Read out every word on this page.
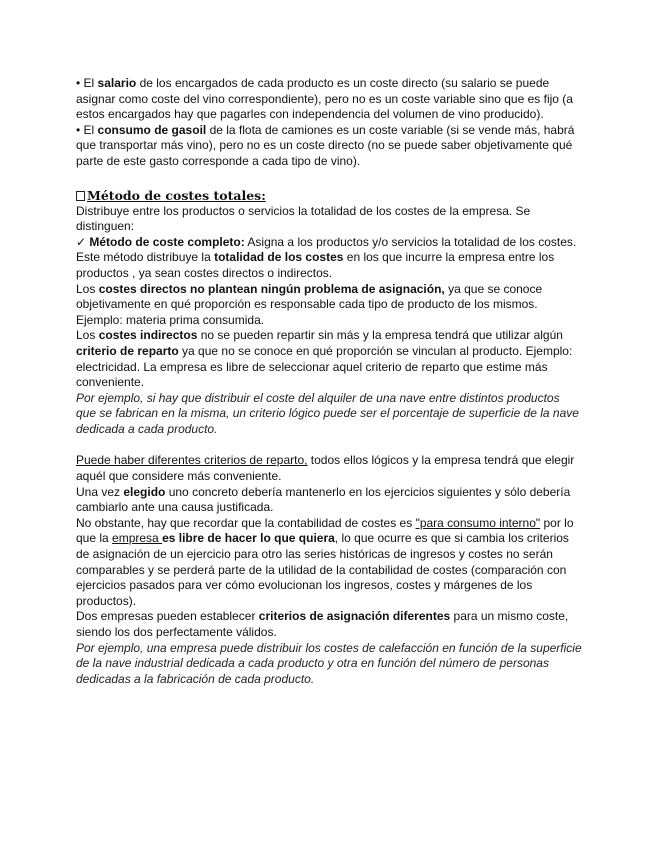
• El salario de los encargados de cada producto es un coste directo (su salario se puede asignar como coste del vino correspondiente), pero no es un coste variable sino que es fijo (a estos encargados hay que pagarles con independencia del volumen de vino producido).

• El consumo de gasoil de la flota de camiones es un coste variable (si se vende más, habrá que transportar más vino), pero no es un coste directo (no se puede saber objetivamente qué parte de este gasto corresponde a cada tipo de vino).

Método de costes totales:

Distribuye entre los productos o servicios la totalidad de los costes de la empresa. Se distinguen:

✓ Método de coste completo: Asigna a los productos y/o servicios la totalidad de los costes. Este método distribuye la totalidad de los costes en los que incurre la empresa entre los productos , ya sean costes directos o indirectos.

Los costes directos no plantean ningún problema de asignación, ya que se conoce objetivamente en qué proporción es responsable cada tipo de producto de los mismos. Ejemplo: materia prima consumida.

Los costes indirectos no se pueden repartir sin más y la empresa tendrá que utilizar algún criterio de reparto ya que no se conoce en qué proporción se vinculan al producto. Ejemplo: electricidad. La empresa es libre de seleccionar aquel criterio de reparto que estime más conveniente.

Por ejemplo, si hay que distribuir el coste del alquiler de una nave entre distintos productos que se fabrican en la misma, un criterio lógico puede ser el porcentaje de superficie de la nave dedicada a cada producto.

Puede haber diferentes criterios de reparto, todos ellos lógicos y la empresa tendrá que elegir aquél que considere más conveniente.

Una vez elegido uno concreto debería mantenerlo en los ejercicios siguientes y sólo debería cambiarlo ante una causa justificada.

No obstante, hay que recordar que la contabilidad de costes es "para consumo interno" por lo que la empresa es libre de hacer lo que quiera, lo que ocurre es que si cambia los criterios de asignación de un ejercicio para otro las series históricas de ingresos y costes no serán comparables y se perderá parte de la utilidad de la contabilidad de costes (comparación con ejercicios pasados para ver cómo evolucionan los ingresos, costes y márgenes de los productos).

Dos empresas pueden establecer criterios de asignación diferentes para un mismo coste, siendo los dos perfectamente válidos.

Por ejemplo, una empresa puede distribuir los costes de calefacción en función de la superficie de la nave industrial dedicada a cada producto y otra en función del número de personas dedicadas a la fabricación de cada producto.
